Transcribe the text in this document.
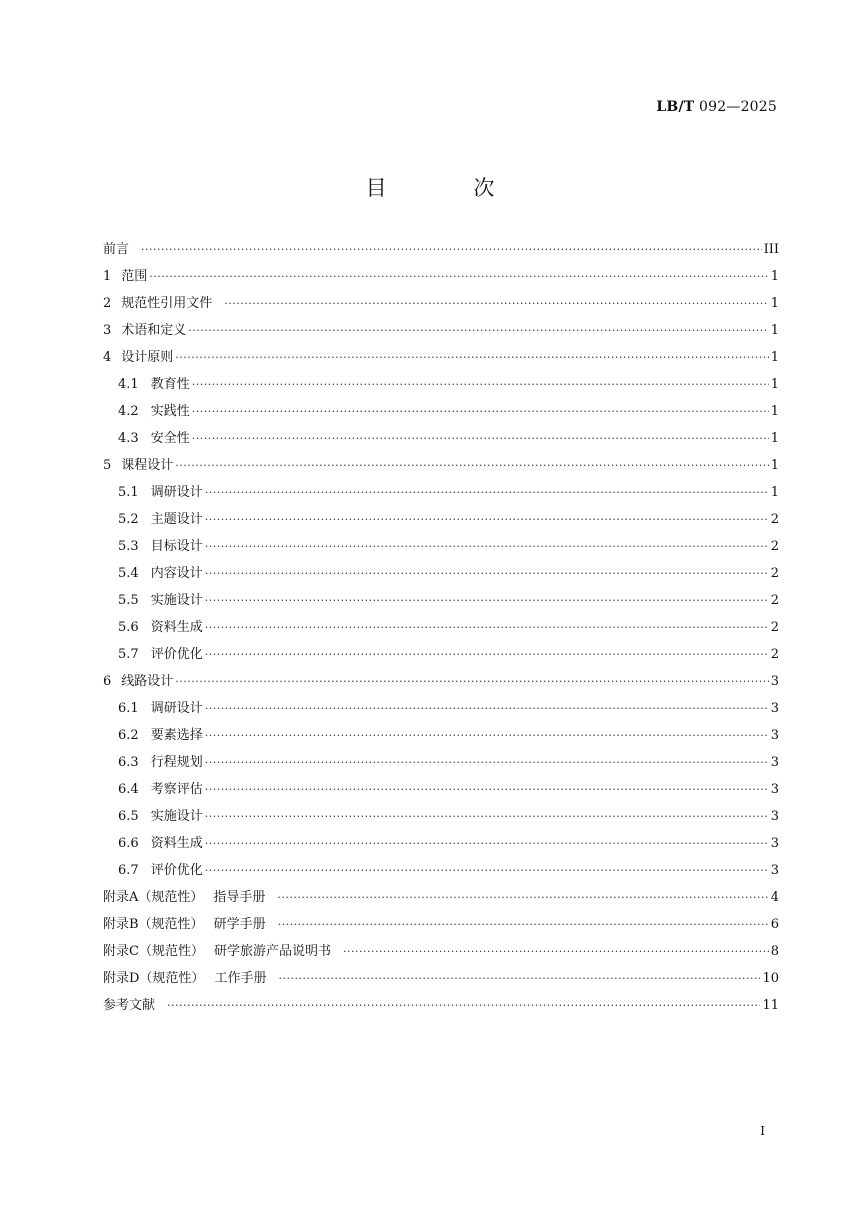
LB/T 092—2025
目 次
前言 ·····	III
1 范围 ·····	1
2 规范性引用文件 ·····	1
3 术语和定义 ·····	1
4 设计原则 ·····	1
4.1 教育性 ·····	1
4.2 实践性 ·····	1
4.3 安全性 ·····	1
5 课程设计 ·····	1
5.1 调研设计 ·····	1
5.2 主题设计 ·····	2
5.3 目标设计 ·····	2
5.4 内容设计 ·····	2
5.5 实施设计 ·····	2
5.6 资料生成 ·····	2
5.7 评价优化 ·····	2
6 线路设计 ·····	3
6.1 调研设计 ·····	3
6.2 要素选择 ·····	3
6.3 行程规划 ·····	3
6.4 考察评估 ·····	3
6.5 实施设计 ·····	3
6.6 资料生成 ·····	3
6.7 评价优化 ·····	3
附录A（规范性） 指导手册 ·····	4
附录B（规范性） 研学手册 ·····	6
附录C（规范性） 研学旅游产品说明书 ·····	8
附录D（规范性） 工作手册 ·····	10
参考文献 ·····	11
I
